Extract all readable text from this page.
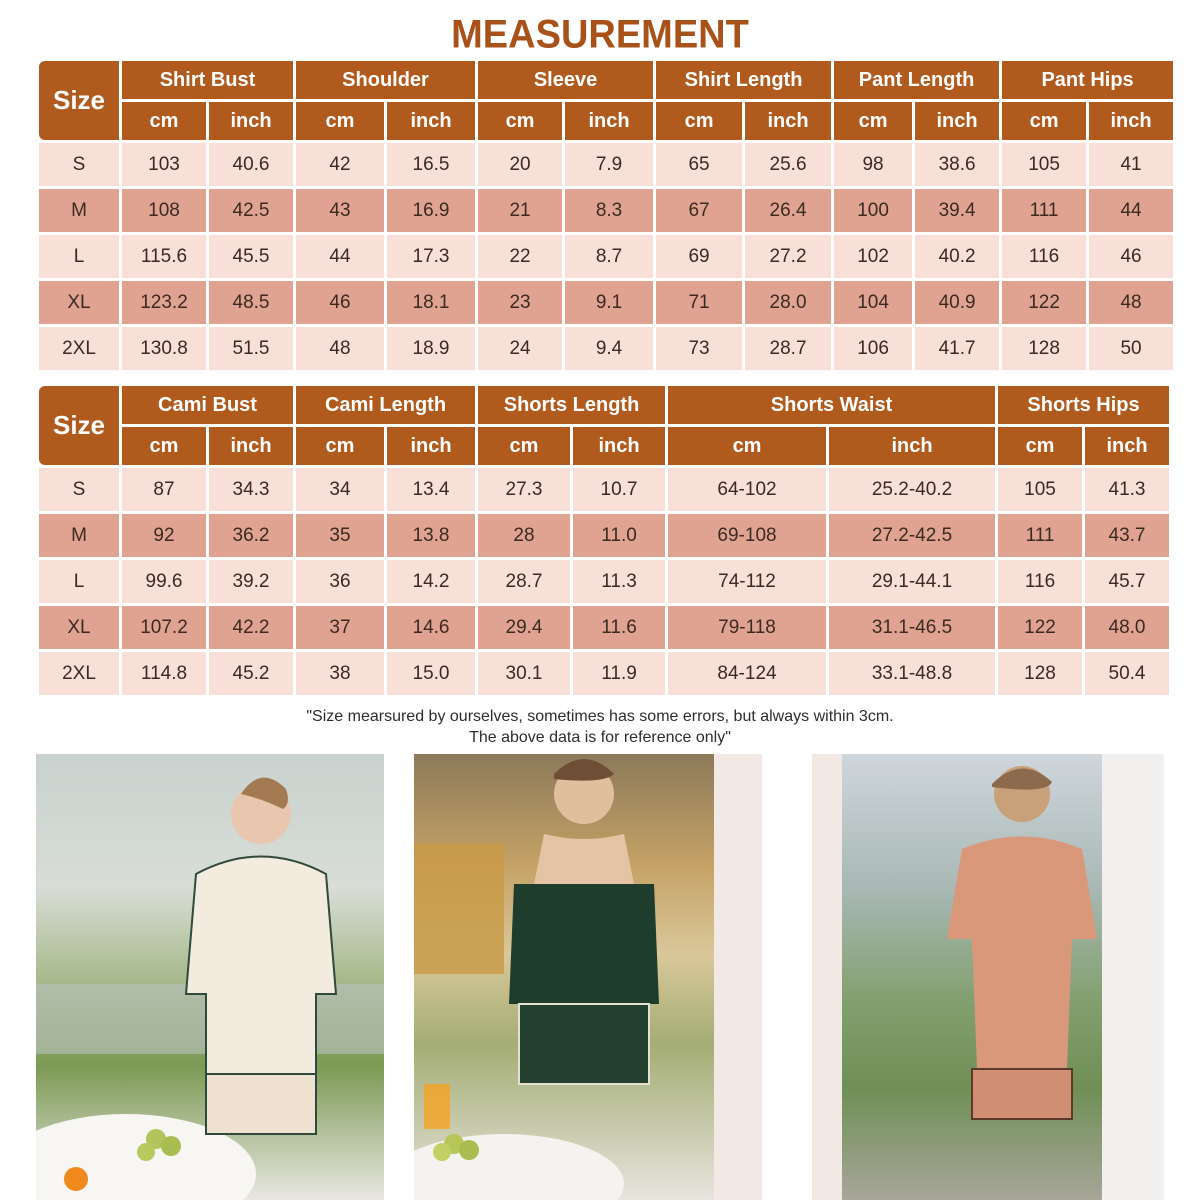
MEASUREMENT
Size	Shirt Bust		Shoulder		Sleeve		Shirt Length		Pant Length		Pant Hips	
	cm	inch	cm	inch	cm	inch	cm	inch	cm	inch	cm	inch
S	103	40.6	42	16.5	20	7.9	65	25.6	98	38.6	105	41
M	108	42.5	43	16.9	21	8.3	67	26.4	100	39.4	111	44
L	115.6	45.5	44	17.3	22	8.7	69	27.2	102	40.2	116	46
XL	123.2	48.5	46	18.1	23	9.1	71	28.0	104	40.9	122	48
2XL	130.8	51.5	48	18.9	24	9.4	73	28.7	106	41.7	128	50
Size	Cami Bust		Cami Length		Shorts Length		Shorts Waist		Shorts Hips	
	cm	inch	cm	inch	cm	inch	cm	inch	cm	inch
S	87	34.3	34	13.4	27.3	10.7	64-102	25.2-40.2	105	41.3
M	92	36.2	35	13.8	28	11.0	69-108	27.2-42.5	111	43.7
L	99.6	39.2	36	14.2	28.7	11.3	74-112	29.1-44.1	116	45.7
XL	107.2	42.2	37	14.6	29.4	11.6	79-118	31.1-46.5	122	48.0
2XL	114.8	45.2	38	15.0	30.1	11.9	84-124	33.1-48.8	128	50.4
"Size mearsured by ourselves, sometimes has some errors, but always within 3cm.
The above data is for reference only"
